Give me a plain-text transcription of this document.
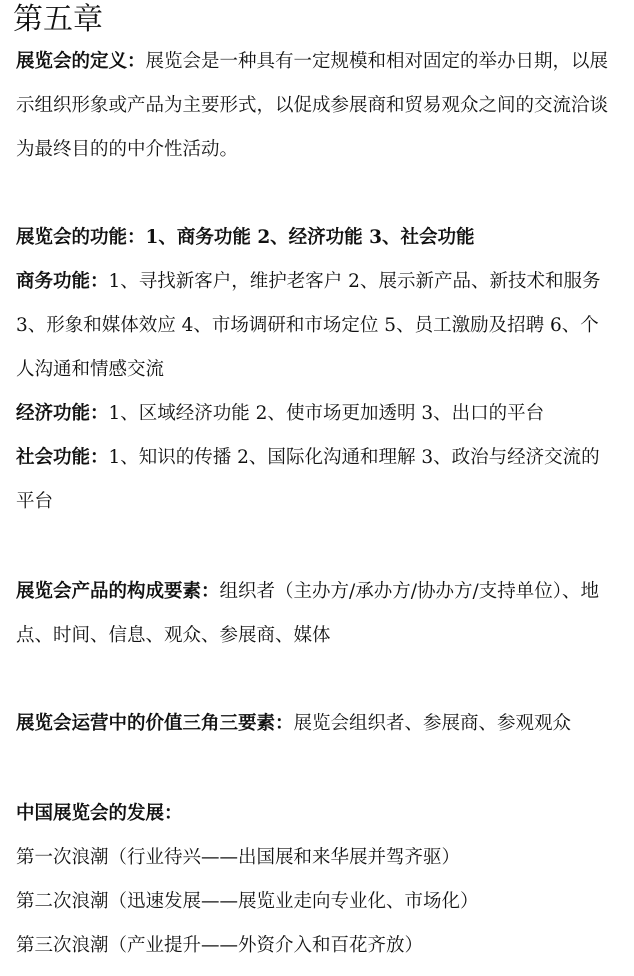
第五章
展览会的定义：展览会是一种具有一定规模和相对固定的举办日期，以展示组织形象或产品为主要形式，以促成参展商和贸易观众之间的交流洽谈为最终目的的中介性活动。
展览会的功能：1、商务功能 2、经济功能 3、社会功能
商务功能：1、寻找新客户，维护老客户 2、展示新产品、新技术和服务 3、形象和媒体效应 4、市场调研和市场定位 5、员工激励及招聘 6、个人沟通和情感交流
经济功能：1、区域经济功能 2、使市场更加透明 3、出口的平台
社会功能：1、知识的传播 2、国际化沟通和理解 3、政治与经济交流的平台
展览会产品的构成要素：组织者（主办方/承办方/协办方/支持单位）、地点、时间、信息、观众、参展商、媒体
展览会运营中的价值三角三要素：展览会组织者、参展商、参观观众
中国展览会的发展：
第一次浪潮（行业待兴——出国展和来华展并驾齐驱）
第二次浪潮（迅速发展——展览业走向专业化、市场化）
第三次浪潮（产业提升——外资介入和百花齐放）
